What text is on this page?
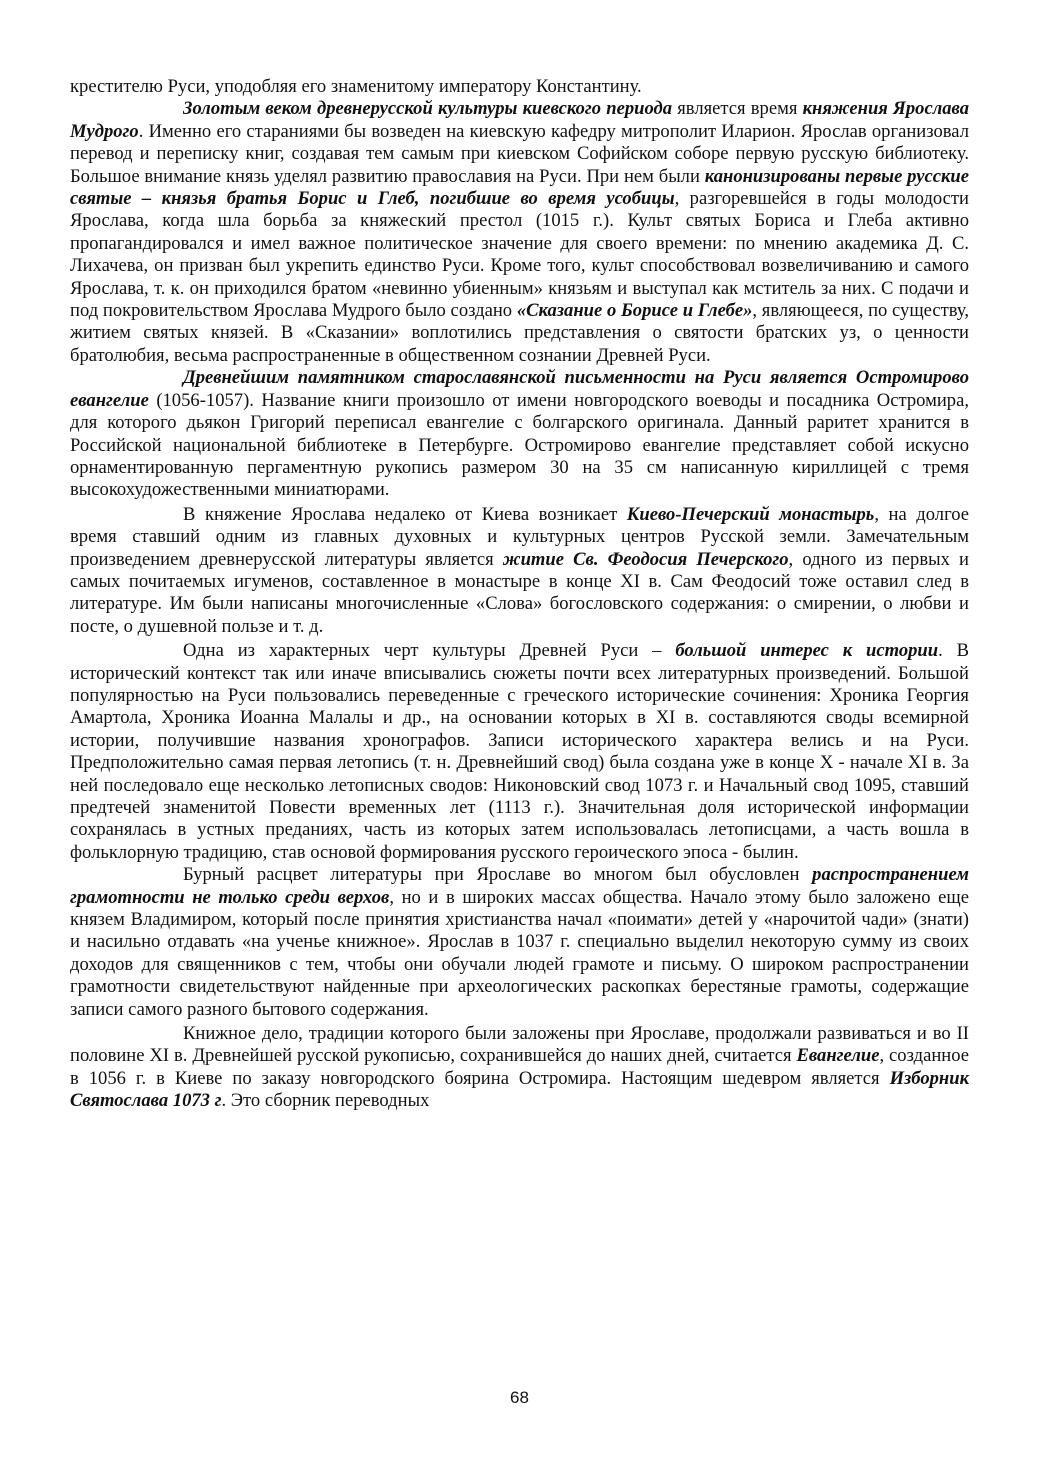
крестителю Руси, уподобляя его знаменитому императору Константину.

Золотым веком древнерусской культуры киевского периода является время княжения Ярослава Мудрого. Именно его стараниями бы возведен на киевскую кафедру митрополит Иларион. Ярослав организовал перевод и переписку книг, создавая тем самым при киевском Софийском соборе первую русскую библиотеку. Большое внимание князь уделял развитию православия на Руси. При нем были канонизированы первые русские святые – князья братья Борис и Глеб, погибшие во время усобицы, разгоревшейся в годы молодости Ярослава, когда шла борьба за княжеский престол (1015 г.). Культ святых Бориса и Глеба активно пропагандировался и имел важное политическое значение для своего времени: по мнению академика Д. С. Лихачева, он призван был укрепить единство Руси. Кроме того, культ способствовал возвеличиванию и самого Ярослава, т. к. он приходился братом «невинно убиенным» князьям и выступал как мститель за них. С подачи и под покровительством Ярослава Мудрого было создано «Сказание о Борисе и Глебе», являющееся, по существу, житием святых князей. В «Сказании» воплотились представления о святости братских уз, о ценности братолюбия, весьма распространенные в общественном сознании Древней Руси.

Древнейшим памятником старославянской письменности на Руси является Остромирово евангелие (1056-1057). Название книги произошло от имени новгородского воеводы и посадника Остромира, для которого дьякон Григорий переписал евангелие с болгарского оригинала. Данный раритет хранится в Российской национальной библиотеке в Петербурге. Остромирово евангелие представляет собой искусно орнаментированную пергаментную рукопись размером 30 на 35 см написанную кириллицей с тремя высокохудожественными миниатюрами.

В княжение Ярослава недалеко от Киева возникает Киево-Печерский монастырь, на долгое время ставший одним из главных духовных и культурных центров Русской земли. Замечательным произведением древнерусской литературы является житие Св. Феодосия Печерского, одного из первых и самых почитаемых игуменов, составленное в монастыре в конце XI в. Сам Феодосий тоже оставил след в литературе. Им были написаны многочисленные «Слова» богословского содержания: о смирении, о любви и посте, о душевной пользе и т. д.

Одна из характерных черт культуры Древней Руси – большой интерес к истории. В исторический контекст так или иначе вписывались сюжеты почти всех литературных произведений. Большой популярностью на Руси пользовались переведенные с греческого исторические сочинения: Хроника Георгия Амартола, Хроника Иоанна Малалы и др., на основании которых в XI в. составляются своды всемирной истории, получившие названия хронографов. Записи исторического характера велись и на Руси. Предположительно самая первая летопись (т. н. Древнейший свод) была создана уже в конце X - начале XI в. За ней последовало еще несколько летописных сводов: Никоновский свод 1073 г. и Начальный свод 1095, ставший предтечей знаменитой Повести временных лет (1113 г.). Значительная доля исторической информации сохранялась в устных преданиях, часть из которых затем использовалась летописцами, а часть вошла в фольклорную традицию, став основой формирования русского героического эпоса - былин.

Бурный расцвет литературы при Ярославе во многом был обусловлен распространением грамотности не только среди верхов, но и в широких массах общества. Начало этому было заложено еще князем Владимиром, который после принятия христианства начал «поимати» детей у «нарочитой чади» (знати) и насильно отдавать «на ученье книжное». Ярослав в 1037 г. специально выделил некоторую сумму из своих доходов для священников с тем, чтобы они обучали людей грамоте и письму. О широком распространении грамотности свидетельствуют найденные при археологических раскопках берестяные грамоты, содержащие записи самого разного бытового содержания.

Книжное дело, традиции которого были заложены при Ярославе, продолжали развиваться и во II половине XI в. Древнейшей русской рукописью, сохранившейся до наших дней, считается Евангелие, созданное в 1056 г. в Киеве по заказу новгородского боярина Остромира. Настоящим шедевром является Изборник Святослава 1073 г. Это сборник переводных

68
